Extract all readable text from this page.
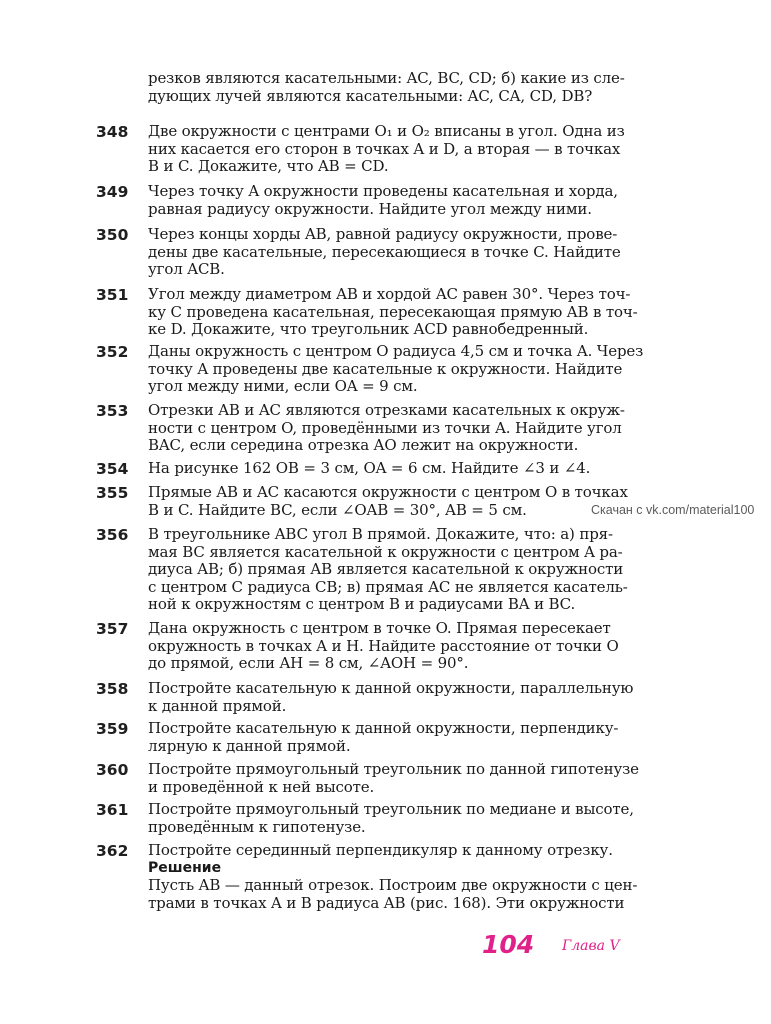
резков являются касательными: AC, BC, CD; б) какие из сле-
дующих лучей являются касательными: AC, CA, CD, DB?
348	Две окружности с центрами O₁ и O₂ вписаны в угол. Одна из
них касается его сторон в точках A и D, а вторая — в точках
B и C. Докажите, что AB = CD.
349	Через точку A окружности проведены касательная и хорда,
равная радиусу окружности. Найдите угол между ними.
350	Через концы хорды AB, равной радиусу окружности, прове-
дены две касательные, пересекающиеся в точке C. Найдите
угол ACB.
351	Угол между диаметром AB и хордой AC равен 30°. Через точ-
ку C проведена касательная, пересекающая прямую AB в точ-
ке D. Докажите, что треугольник ACD равнобедренный.
352	Даны окружность с центром O радиуса 4,5 см и точка A. Через
точку A проведены две касательные к окружности. Найдите
угол между ними, если OA = 9 см.
353	Отрезки AB и AC являются отрезками касательных к окруж-
ности с центром O, проведёнными из точки A. Найдите угол
BAC, если середина отрезка AO лежит на окружности.
354	На рисунке 162 OB = 3 см, OA = 6 см. Найдите ∠3 и ∠4.
355	Прямые AB и AC касаются окружности с центром O в точках
B и C. Найдите BC, если ∠OAB = 30°, AB = 5 см.
356	В треугольнике ABC угол B прямой. Докажите, что: а) пря-
мая BC является касательной к окружности с центром A ра-
диуса AB; б) прямая AB является касательной к окружности
с центром C радиуса CB; в) прямая AC не является касатель-
ной к окружностям с центром B и радиусами BA и BC.
357	Дана окружность с центром в точке O. Прямая пересекает
окружность в точках A и H. Найдите расстояние от точки O
до прямой, если AH = 8 см, ∠AOH = 90°.
358	Постройте касательную к данной окружности, параллельную
к данной прямой.
359	Постройте касательную к данной окружности, перпендику-
лярную к данной прямой.
360	Постройте прямоугольный треугольник по данной гипотенузе
и проведённой к ней высоте.
361	Постройте прямоугольный треугольник по медиане и высоте,
проведённым к гипотенузе.
362	Постройте серединный перпендикуляр к данному отрезку.
Решение
Пусть AB — данный отрезок. Построим две окружности с цен-
трами в точках A и B радиуса AB (рис. 168). Эти окружности
Скачан с vk.com/material100
104 Глава V
